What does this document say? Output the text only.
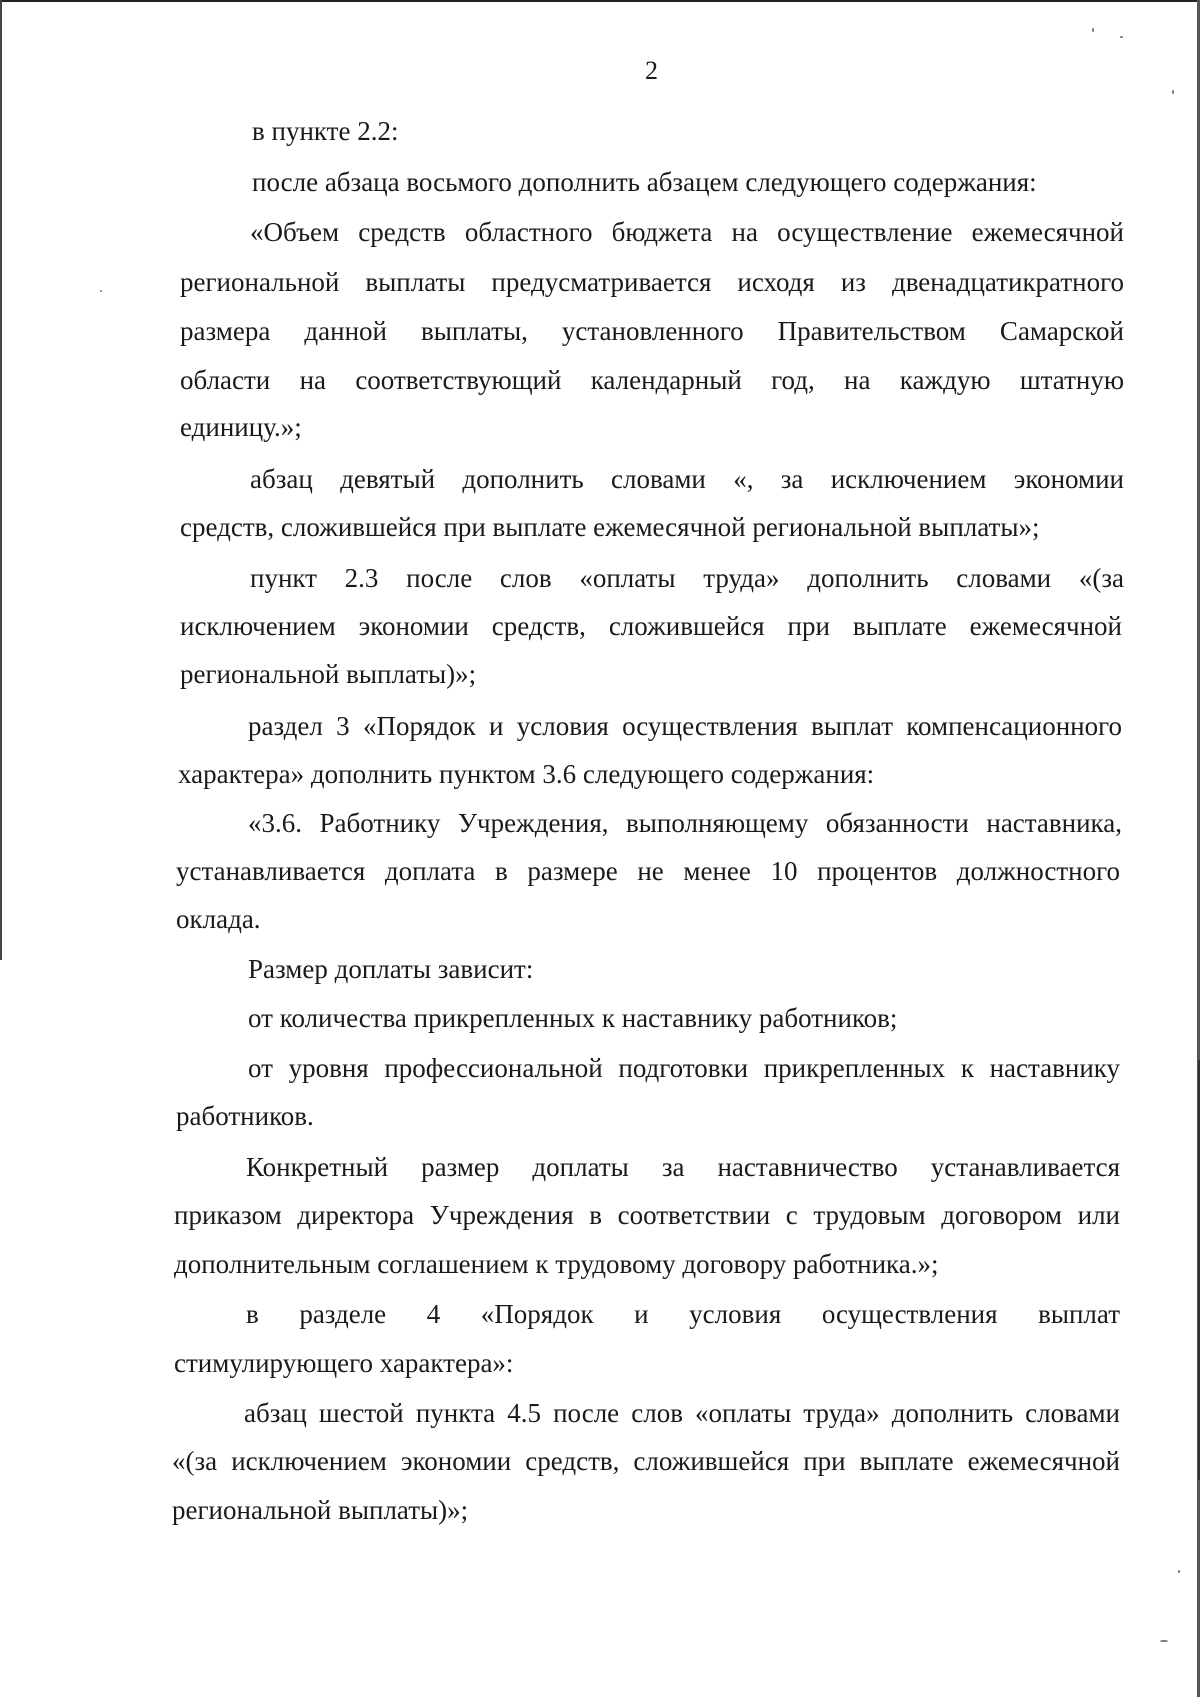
2
в пункте 2.2:
после абзаца восьмого дополнить абзацем следующего содержания:
«Объем средств областного бюджета на осуществление ежемесячной
региональной выплаты предусматривается исходя из двенадцатикратного
размера данной выплаты, установленного Правительством Самарской
области на соответствующий календарный год, на каждую штатную
единицу.»;
абзац девятый дополнить словами «, за исключением экономии
средств, сложившейся при выплате ежемесячной региональной выплаты»;
пункт 2.3 после слов «оплаты труда» дополнить словами «(за
исключением экономии средств, сложившейся при выплате ежемесячной
региональной выплаты)»;
раздел 3 «Порядок и условия осуществления выплат компенсационного
характера» дополнить пунктом 3.6 следующего содержания:
«3.6. Работнику Учреждения, выполняющему обязанности наставника,
устанавливается доплата в размере не менее 10 процентов должностного
оклада.
Размер доплаты зависит:
от количества прикрепленных к наставнику работников;
от уровня профессиональной подготовки прикрепленных к наставнику
работников.
Конкретный размер доплаты за наставничество устанавливается
приказом директора Учреждения в соответствии с трудовым договором или
дополнительным соглашением к трудовому договору работника.»;
в разделе 4 «Порядок и условия осуществления выплат
стимулирующего характера»:
абзац шестой пункта 4.5 после слов «оплаты труда» дополнить словами
«(за исключением экономии средств, сложившейся при выплате ежемесячной
региональной выплаты)»;
